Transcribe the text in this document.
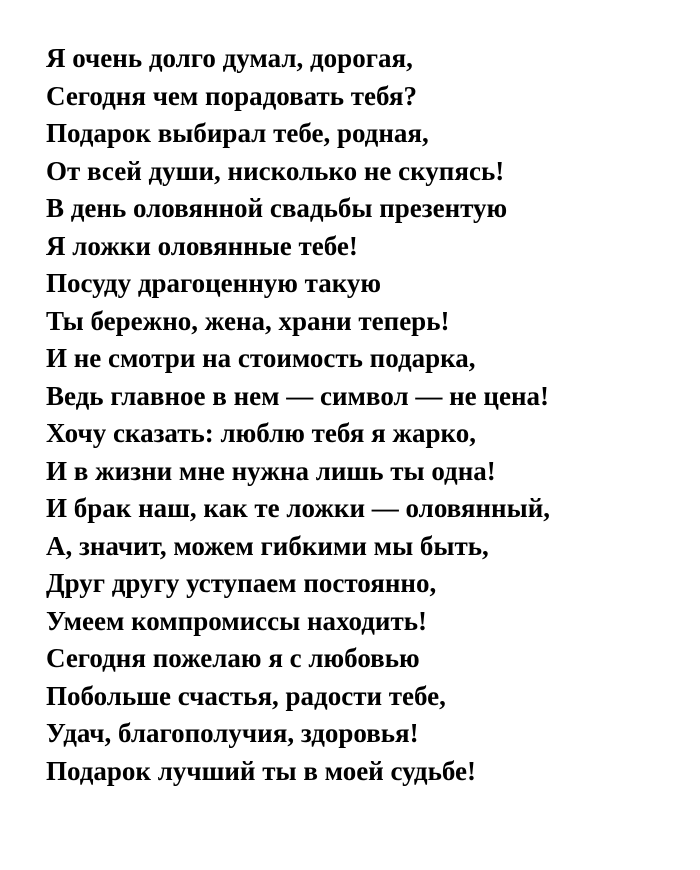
Я очень долго думал, дорогая,
Сегодня чем порадовать тебя?
Подарок выбирал тебе, родная,
От всей души, нисколько не скупясь!
В день оловянной свадьбы презентую
Я ложки оловянные тебе!
Посуду драгоценную такую
Ты бережно, жена, храни теперь!
И не смотри на стоимость подарка,
Ведь главное в нем — символ — не цена!
Хочу сказать: люблю тебя я жарко,
И в жизни мне нужна лишь ты одна!
И брак наш, как те ложки — оловянный,
А, значит, можем гибкими мы быть,
Друг другу уступаем постоянно,
Умеем компромиссы находить!
Сегодня пожелаю я с любовью
Побольше счастья, радости тебе,
Удач, благополучия, здоровья!
Подарок лучший ты в моей судьбе!
